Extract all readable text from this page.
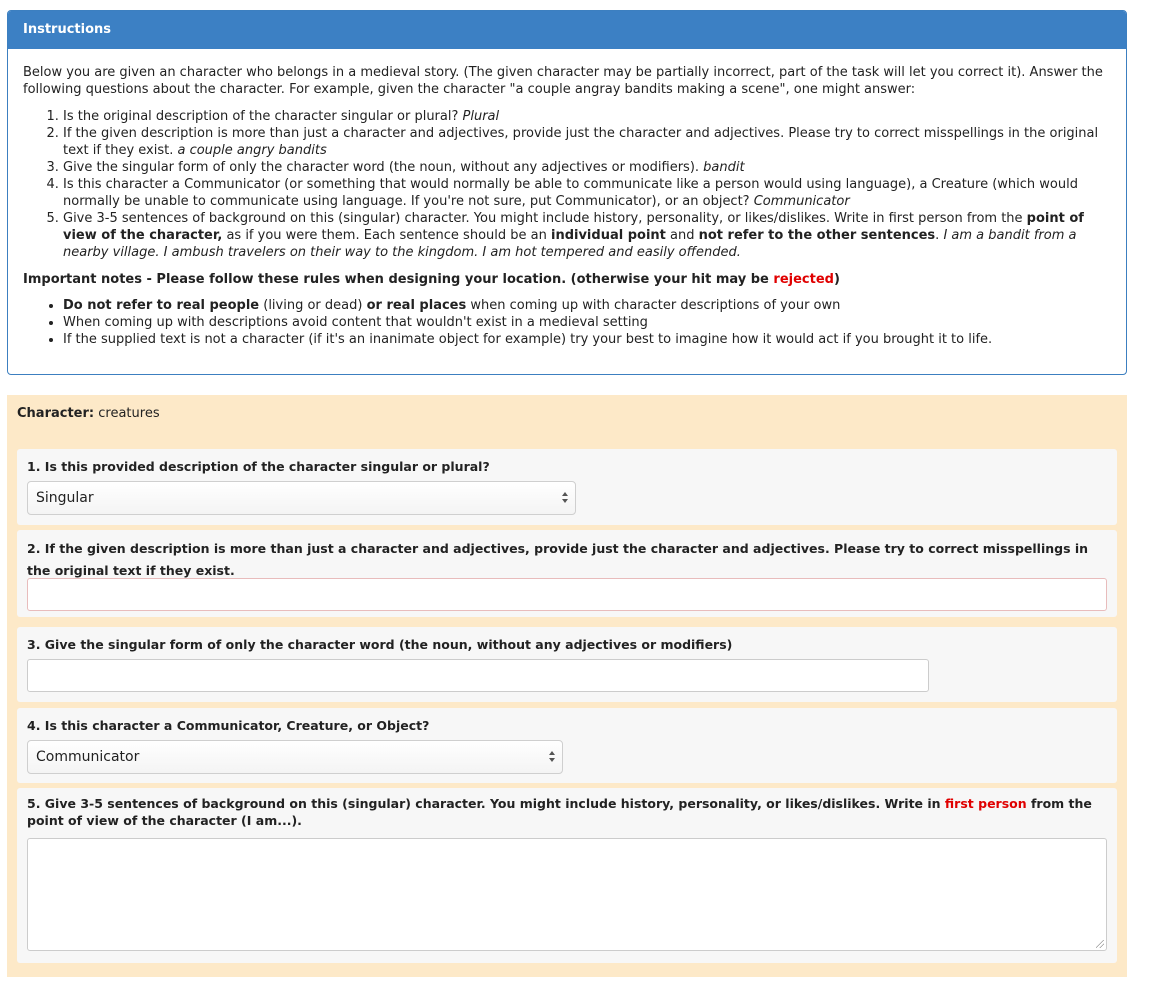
Instructions

Below you are given an character who belongs in a medieval story. (The given character may be partially incorrect, part of the task will let you correct it). Answer the following questions about the character. For example, given the character "a couple angray bandits making a scene", one might answer:

1. Is the original description of the character singular or plural? Plural
2. If the given description is more than just a character and adjectives, provide just the character and adjectives. Please try to correct misspellings in the original text if they exist. a couple angry bandits
3. Give the singular form of only the character word (the noun, without any adjectives or modifiers). bandit
4. Is this character a Communicator (or something that would normally be able to communicate like a person would using language), a Creature (which would normally be unable to communicate using language. If you're not sure, put Communicator), or an object? Communicator
5. Give 3-5 sentences of background on this (singular) character. You might include history, personality, or likes/dislikes. Write in first person from the point of view of the character, as if you were them. Each sentence should be an individual point and not refer to the other sentences. I am a bandit from a nearby village. I ambush travelers on their way to the kingdom. I am hot tempered and easily offended.
Important notes - Please follow these rules when designing your location. (otherwise your hit may be rejected)
• Do not refer to real people (living or dead) or real places when coming up with character descriptions of your own
• When coming up with descriptions avoid content that wouldn't exist in a medieval setting
• If the supplied text is not a character (if it's an inanimate object for example) try your best to imagine how it would act if you brought it to life.
Character: creatures
1. Is this provided description of the character singular or plural?
Singular
2. If the given description is more than just a character and adjectives, provide just the character and adjectives. Please try to correct misspellings in the original text if they exist.
3. Give the singular form of only the character word (the noun, without any adjectives or modifiers)
4. Is this character a Communicator, Creature, or Object?
Communicator
5. Give 3-5 sentences of background on this (singular) character. You might include history, personality, or likes/dislikes. Write in first person from the point of view of the character (I am...).
